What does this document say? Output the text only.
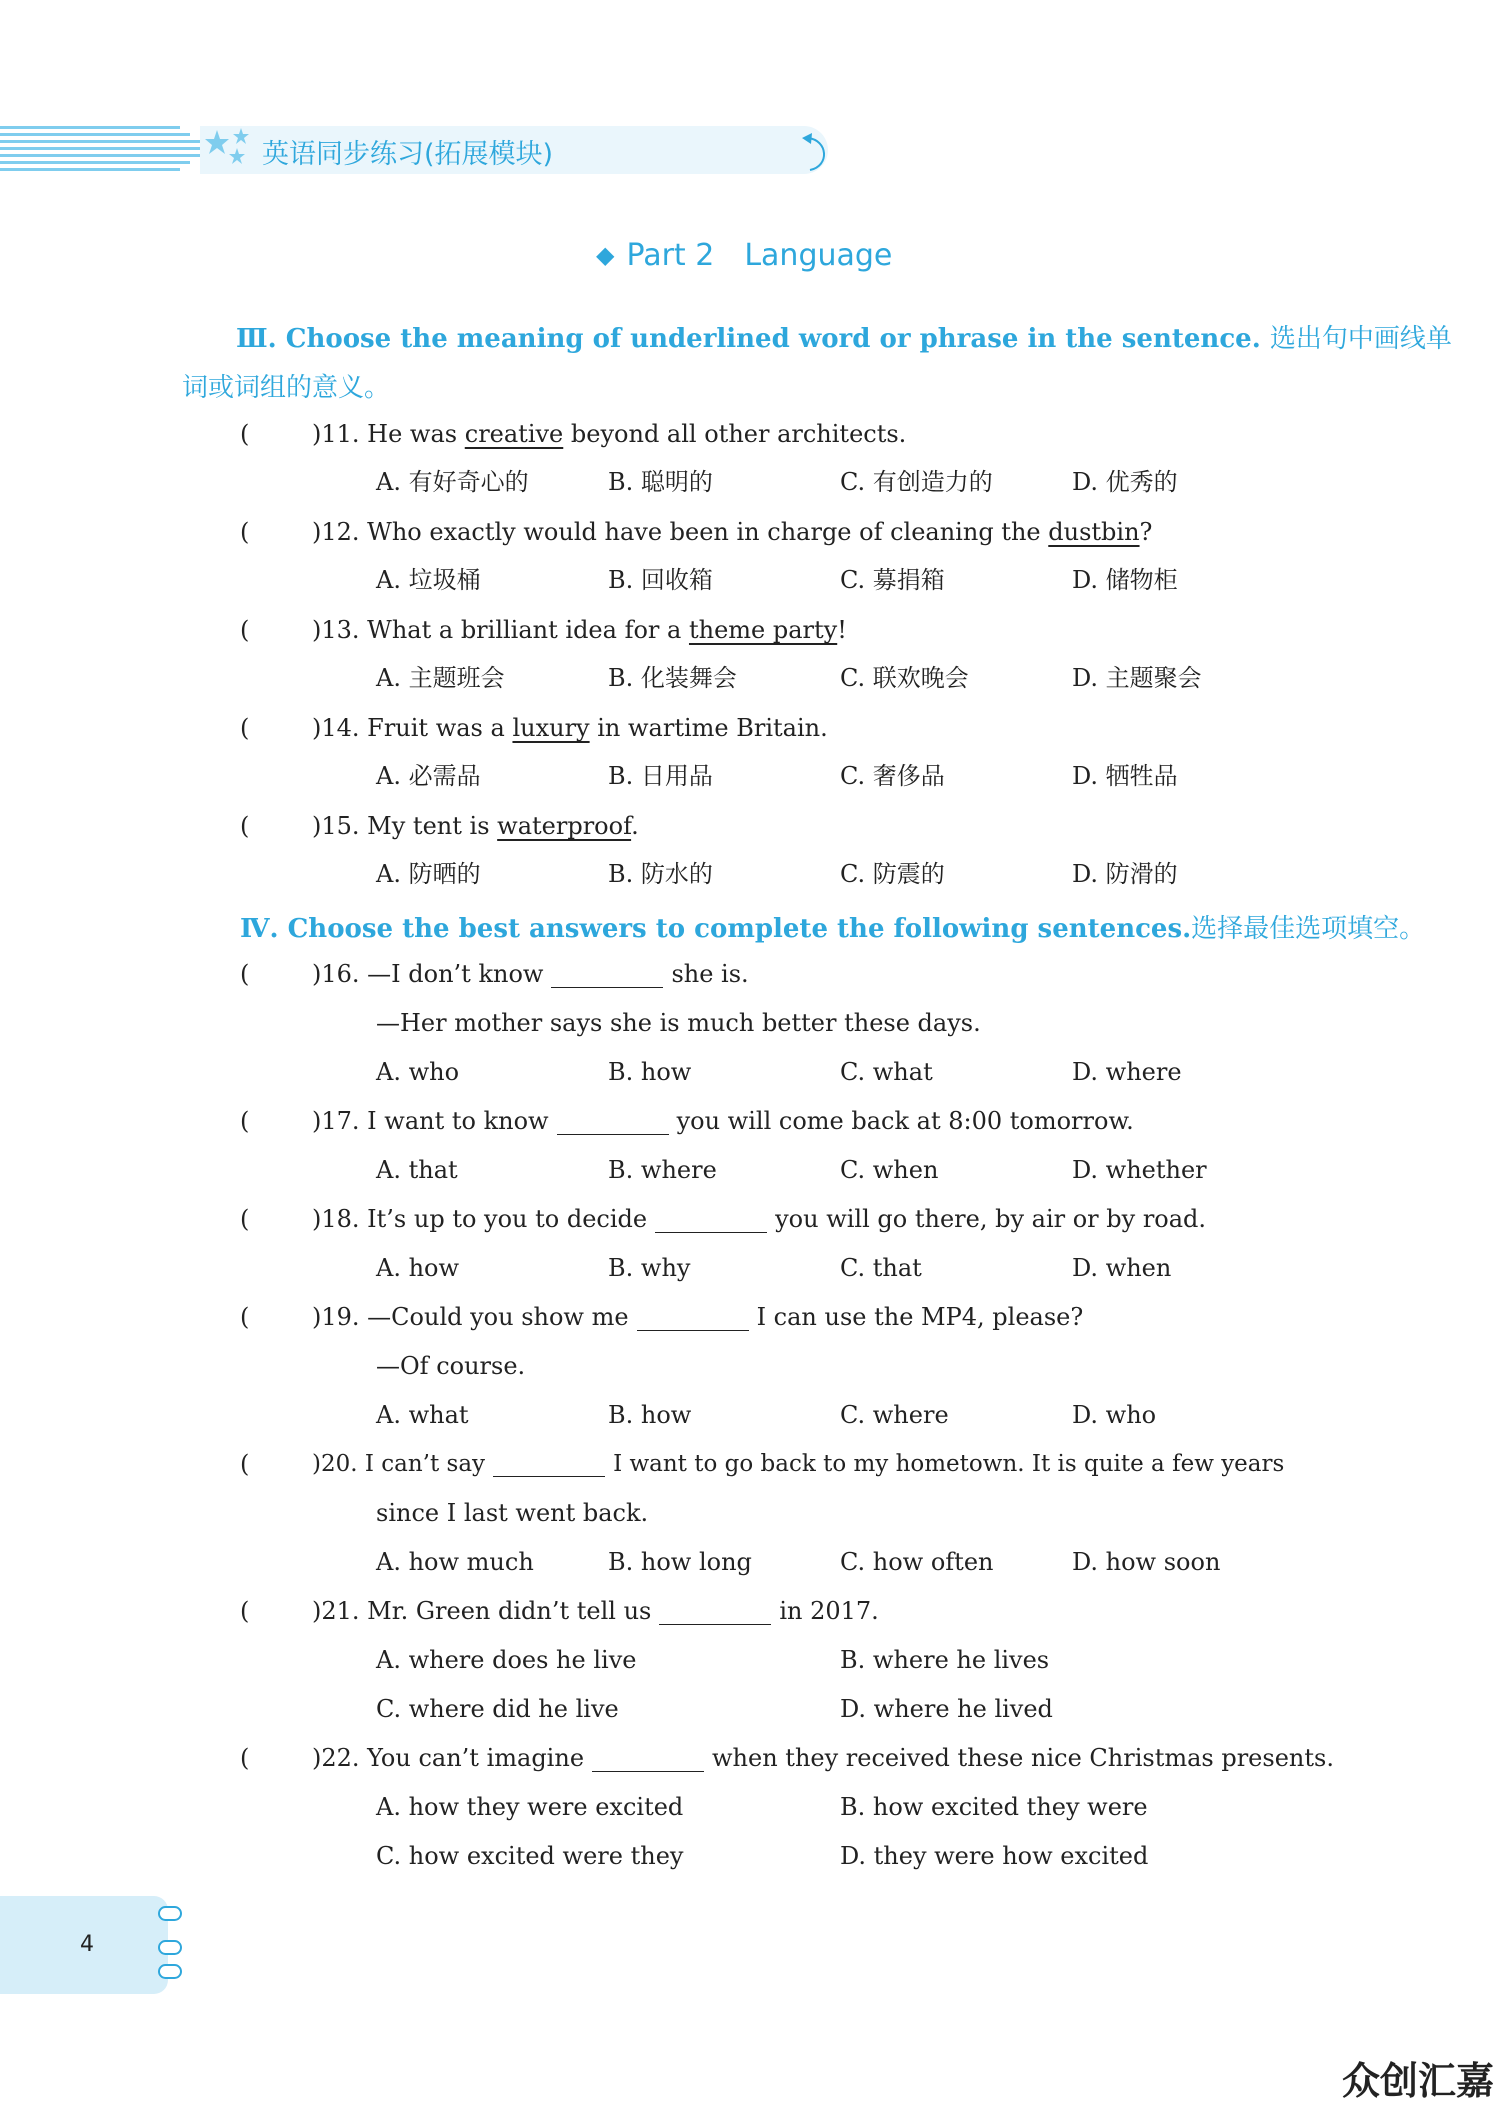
英语同步练习(拓展模块)
◆ Part 2 Language
Ⅲ. Choose the meaning of underlined word or phrase in the sentence. 选出句中画线单
词或词组的意义。
(	)11. He was creative beyond all other architects.
A. 有好奇心的	B. 聪明的	C. 有创造力的	D. 优秀的
(	)12. Who exactly would have been in charge of cleaning the dustbin?
A. 垃圾桶	B. 回收箱	C. 募捐箱	D. 储物柜
(	)13. What a brilliant idea for a theme party!
A. 主题班会	B. 化装舞会	C. 联欢晚会	D. 主题聚会
(	)14. Fruit was a luxury in wartime Britain.
A. 必需品	B. 日用品	C. 奢侈品	D. 牺牲品
(	)15. My tent is waterproof.
A. 防晒的	B. 防水的	C. 防震的	D. 防滑的
Ⅳ. Choose the best answers to complete the following sentences.选择最佳选项填空。
(	)16. —I don’t know	she is.
—Her mother says she is much better these days.
A. who	B. how	C. what	D. where
(	)17. I want to know	you will come back at 8:00 tomorrow.
A. that	B. where	C. when	D. whether
(	)18. It’s up to you to decide	you will go there, by air or by road.
A. how	B. why	C. that	D. when
(	)19. —Could you show me	I can use the MP4, please?
—Of course.
A. what	B. how	C. where	D. who
(	)20. I can’t say	I want to go back to my hometown. It is quite a few years
since I last went back.
A. how much	B. how long	C. how often	D. how soon
(	)21. Mr. Green didn’t tell us	in 2017.
A. where does he live	B. where he lives
C. where did he live	D. where he lived
(	)22. You can’t imagine	when they received these nice Christmas presents.
A. how they were excited	B. how excited they were
C. how excited were they	D. they were how excited
4
众创汇嘉
